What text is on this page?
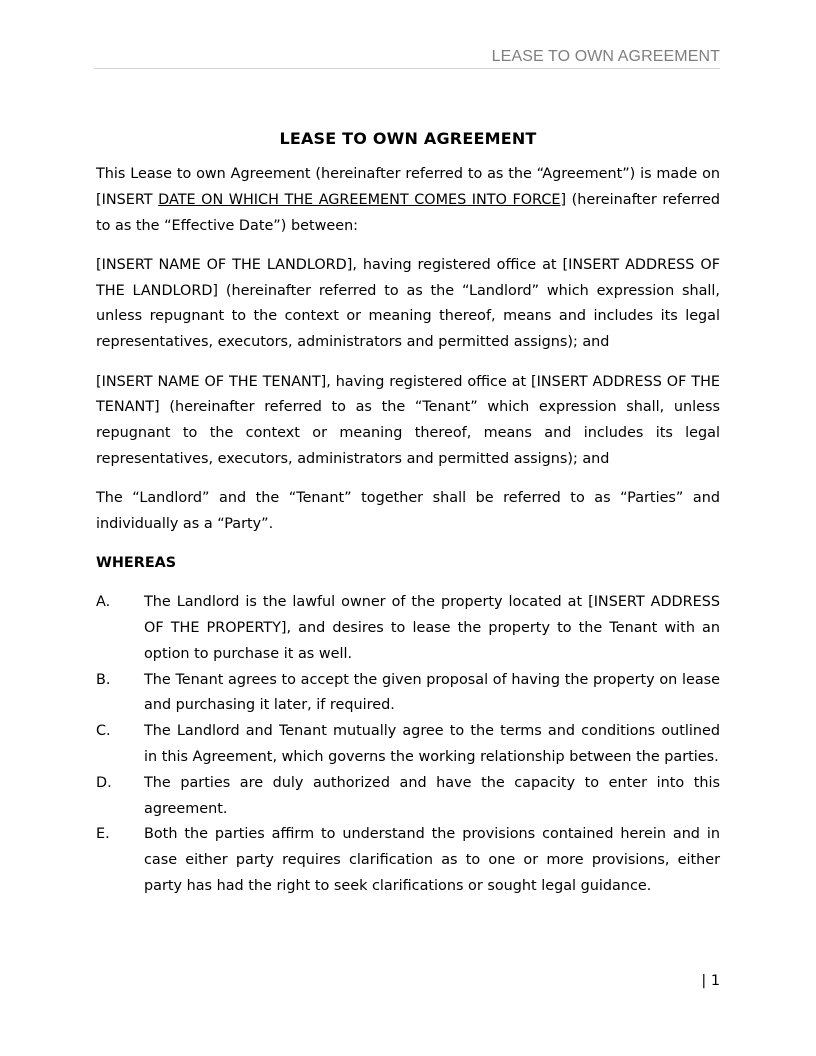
LEASE TO OWN AGREEMENT
LEASE TO OWN AGREEMENT

This Lease to own Agreement (hereinafter referred to as the “Agreement”) is made on [INSERT DATE ON WHICH THE AGREEMENT COMES INTO FORCE] (hereinafter referred to as the “Effective Date”) between:

[INSERT NAME OF THE LANDLORD], having registered office at [INSERT ADDRESS OF THE LANDLORD] (hereinafter referred to as the “Landlord” which expression shall, unless repugnant to the context or meaning thereof, means and includes its legal representatives, executors, administrators and permitted assigns); and

[INSERT NAME OF THE TENANT], having registered office at [INSERT ADDRESS OF THE TENANT] (hereinafter referred to as the “Tenant” which expression shall, unless repugnant to the context or meaning thereof, means and includes its legal representatives, executors, administrators and permitted assigns); and

The “Landlord” and the “Tenant” together shall be referred to as “Parties” and individually as a “Party”.

WHEREAS
A.	The Landlord is the lawful owner of the property located at [INSERT ADDRESS OF THE PROPERTY], and desires to lease the property to the Tenant with an option to purchase it as well.
B.	The Tenant agrees to accept the given proposal of having the property on lease and purchasing it later, if required.
C.	The Landlord and Tenant mutually agree to the terms and conditions outlined in this Agreement, which governs the working relationship between the parties.
D.	The parties are duly authorized and have the capacity to enter into this agreement.
E.	Both the parties affirm to understand the provisions contained herein and in case either party requires clarification as to one or more provisions, either party has had the right to seek clarifications or sought legal guidance.
| 1
